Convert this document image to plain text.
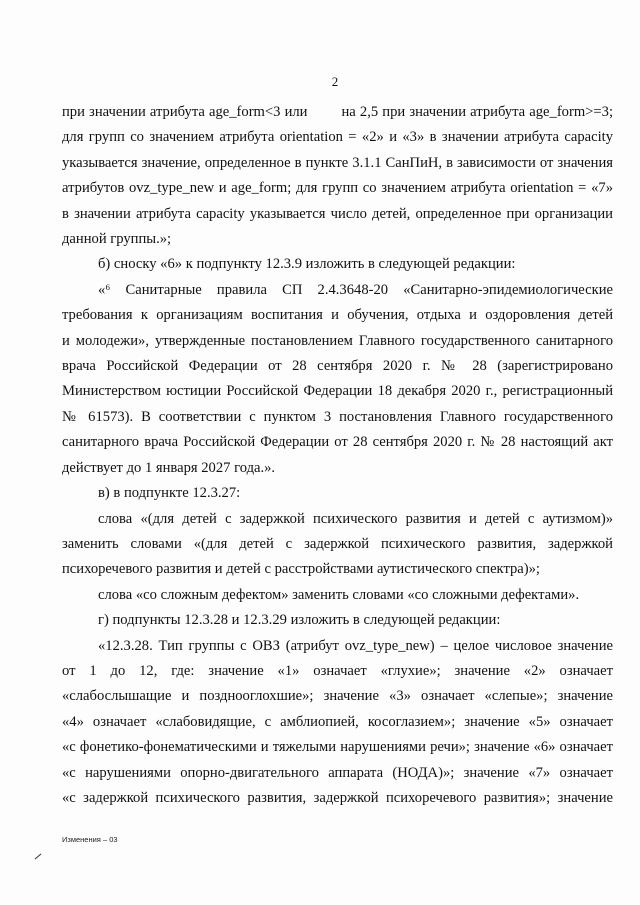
2
при значении атрибута age_form<3 или на 2,5 при значении атрибута age_form>=3;
для групп со значением атрибута orientation = «2» и «3» в значении атрибута capacity
указывается значение, определенное в пункте 3.1.1 СанПиН, в зависимости от значения
атрибутов ovz_type_new и age_form; для групп со значением атрибута orientation = «7»
в значении атрибута capacity указывается число детей, определенное при организации
данной группы.»;
б) сноску «6» к подпункту 12.3.9 изложить в следующей редакции:
«⁶ Санитарные правила СП 2.4.3648-20 «Санитарно-эпидемиологические
требования к организациям воспитания и обучения, отдыха и оздоровления детей
и молодежи», утвержденные постановлением Главного государственного санитарного
врача Российской Федерации от 28 сентября 2020 г. № 28 (зарегистрировано
Министерством юстиции Российской Федерации 18 декабря 2020 г., регистрационный
№ 61573). В соответствии с пунктом 3 постановления Главного государственного
санитарного врача Российской Федерации от 28 сентября 2020 г. № 28 настоящий акт
действует до 1 января 2027 года.».
в) в подпункте 12.3.27:
слова «(для детей с задержкой психического развития и детей с аутизмом)»
заменить словами «(для детей с задержкой психического развития, задержкой
психоречевого развития и детей с расстройствами аутистического спектра)»;
слова «со сложным дефектом» заменить словами «со сложными дефектами».
г) подпункты 12.3.28 и 12.3.29 изложить в следующей редакции:
«12.3.28. Тип группы с ОВЗ (атрибут ovz_type_new) – целое числовое значение
от 1 до 12, где: значение «1» означает «глухие»; значение «2» означает
«слабослышащие и позднооглохшие»; значение «3» означает «слепые»; значение
«4» означает «слабовидящие, с амблиопией, косоглазием»; значение «5» означает
«с фонетико-фонематическими и тяжелыми нарушениями речи»; значение «6» означает
«с нарушениями опорно-двигательного аппарата (НОДА)»; значение «7» означает
«с задержкой психического развития, задержкой психоречевого развития»; значение
Изменения – 03
